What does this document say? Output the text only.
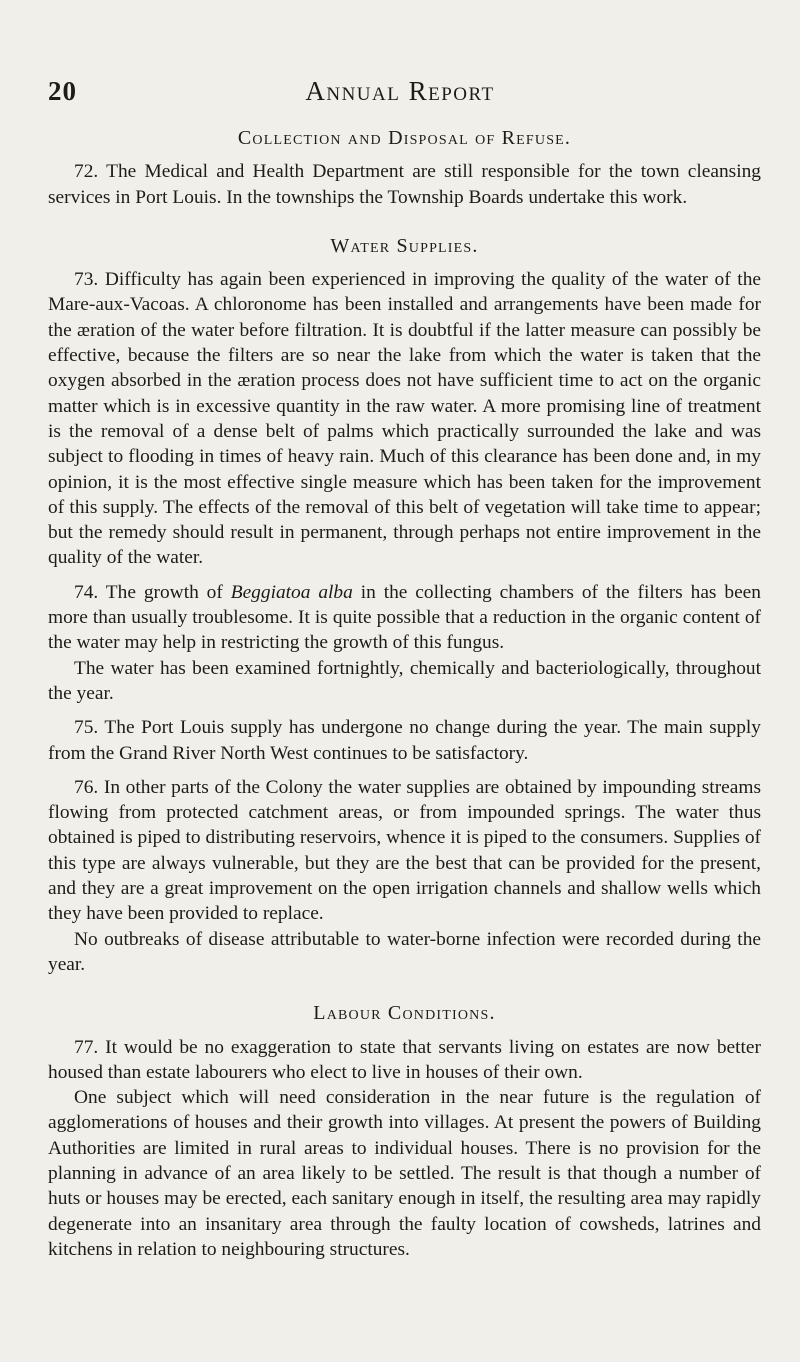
20	Annual Report
Collection and Disposal of Refuse.

72. The Medical and Health Department are still responsible for the town cleansing services in Port Louis. In the townships the Township Boards undertake this work.

Water Supplies.

73. Difficulty has again been experienced in improving the quality of the water of the Mare-aux-Vacoas. A chloronome has been installed and arrangements have been made for the æration of the water before filtration. It is doubtful if the latter measure can possibly be effective, because the filters are so near the lake from which the water is taken that the oxygen absorbed in the æration process does not have sufficient time to act on the organic matter which is in excessive quantity in the raw water. A more promising line of treatment is the removal of a dense belt of palms which practically surrounded the lake and was subject to flooding in times of heavy rain. Much of this clearance has been done and, in my opinion, it is the most effective single measure which has been taken for the improvement of this supply. The effects of the removal of this belt of vegetation will take time to appear; but the remedy should result in permanent, through perhaps not entire improvement in the quality of the water.

74. The growth of Beggiatoa alba in the collecting chambers of the filters has been more than usually troublesome. It is quite possible that a reduction in the organic content of the water may help in restricting the growth of this fungus.

The water has been examined fortnightly, chemically and bacteriologically, throughout the year.

75. The Port Louis supply has undergone no change during the year. The main supply from the Grand River North West continues to be satisfactory.

76. In other parts of the Colony the water supplies are obtained by impounding streams flowing from protected catchment areas, or from impounded springs. The water thus obtained is piped to distributing reservoirs, whence it is piped to the consumers. Supplies of this type are always vulnerable, but they are the best that can be provided for the present, and they are a great improvement on the open irrigation channels and shallow wells which they have been provided to replace.

No outbreaks of disease attributable to water-borne infection were recorded during the year.

Labour Conditions.

77. It would be no exaggeration to state that servants living on estates are now better housed than estate labourers who elect to live in houses of their own.

One subject which will need consideration in the near future is the regulation of agglomerations of houses and their growth into villages. At present the powers of Building Authorities are limited in rural areas to individual houses. There is no provision for the planning in advance of an area likely to be settled. The result is that though a number of huts or houses may be erected, each sanitary enough in itself, the resulting area may rapidly degenerate into an insanitary area through the faulty location of cowsheds, latrines and kitchens in relation to neighbouring structures.
